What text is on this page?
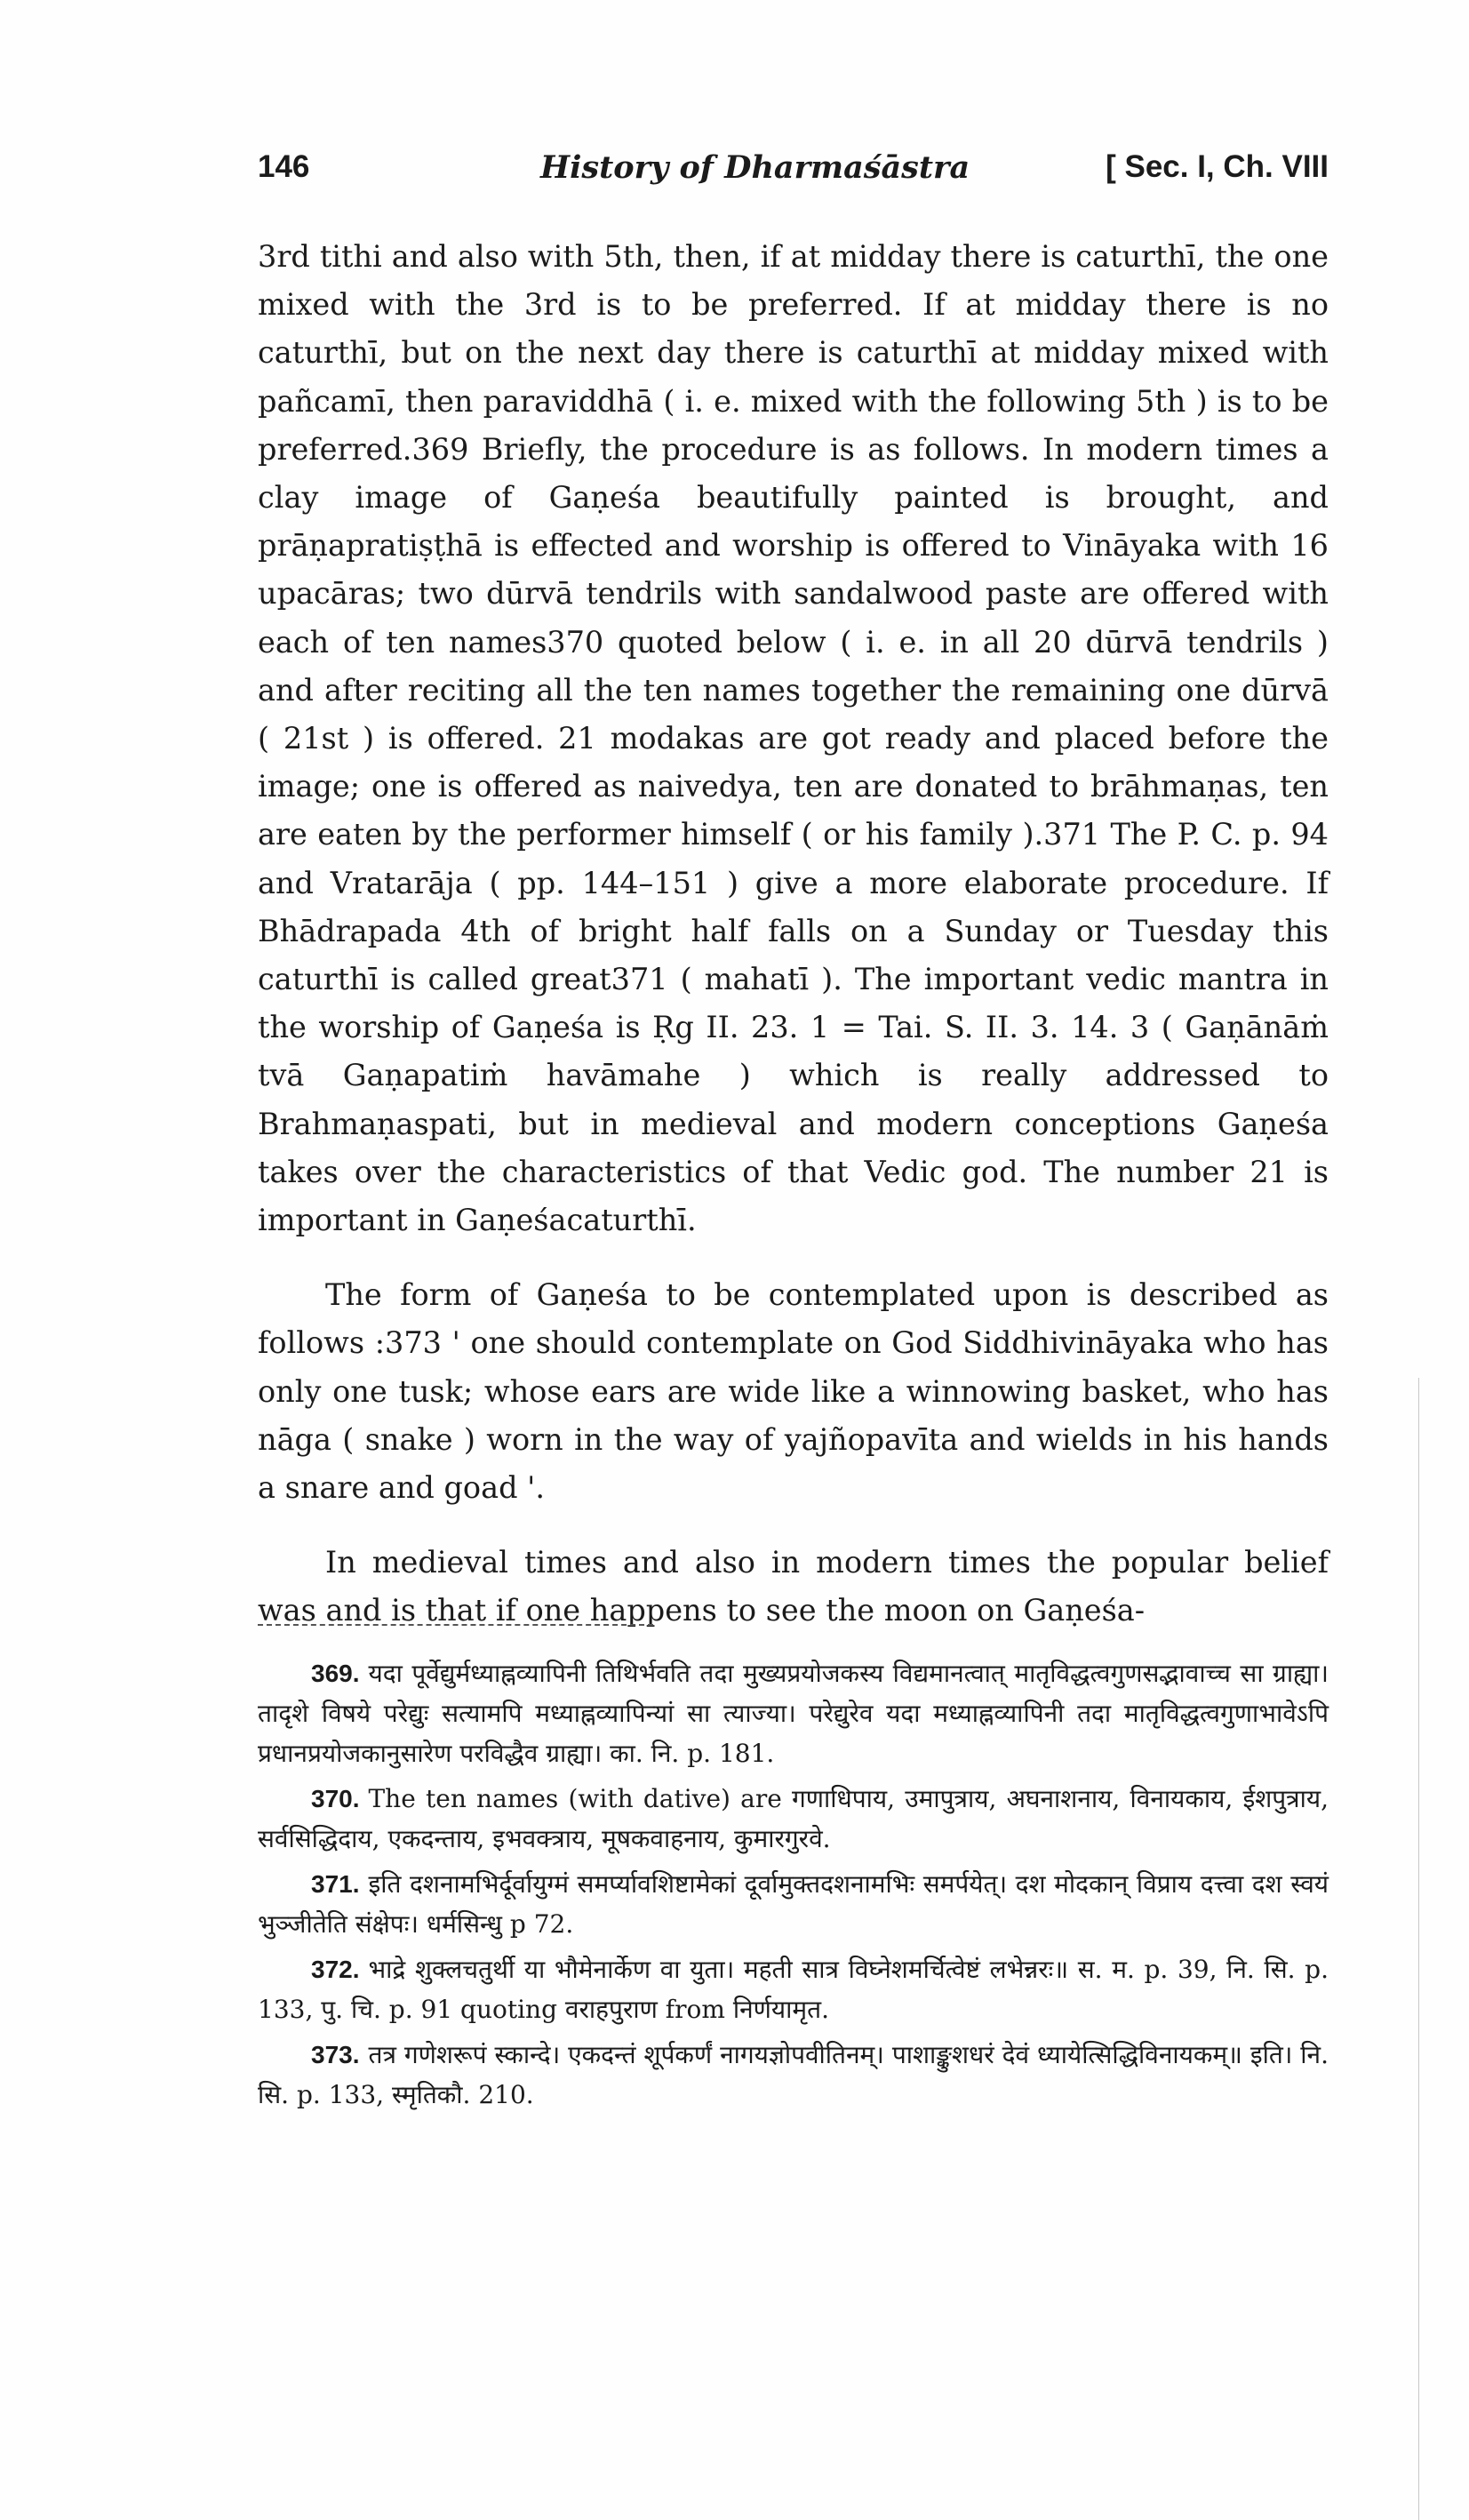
146	History of Dharmaśāstra	[ Sec. I, Ch. VIII

3rd tithi and also with 5th, then, if at midday there is caturthī, the one mixed with the 3rd is to be preferred. If at midday there is no caturthī, but on the next day there is caturthī at midday mixed with pañcamī, then paraviddhā ( i. e. mixed with the following 5th ) is to be preferred.369 Briefly, the procedure is as follows. In modern times a clay image of Gaṇeśa beautifully painted is brought, and prāṇapratiṣṭhā is effected and worship is offered to Vināyaka with 16 upacāras; two dūrvā tendrils with sandalwood paste are offered with each of ten names370 quoted below ( i. e. in all 20 dūrvā tendrils ) and after reciting all the ten names together the remaining one dūrvā ( 21st ) is offered. 21 modakas are got ready and placed before the image; one is offered as naivedya, ten are donated to brāhmaṇas, ten are eaten by the performer himself ( or his family ).371 The P. C. p. 94 and Vratarāja ( pp. 144–151 ) give a more elaborate procedure. If Bhādrapada 4th of bright half falls on a Sunday or Tuesday this caturthī is called great371 ( mahatī ). The important vedic mantra in the worship of Gaṇeśa is Ṛg II. 23. 1 = Tai. S. II. 3. 14. 3 ( Gaṇānāṁ tvā Gaṇapatiṁ havāmahe ) which is really addressed to Brahmaṇaspati, but in medieval and modern conceptions Gaṇeśa takes over the characteristics of that Vedic god. The number 21 is important in Gaṇeśacaturthī.

The form of Gaṇeśa to be contemplated upon is described as follows :373 ' one should contemplate on God Siddhivināyaka who has only one tusk; whose ears are wide like a winnowing basket, who has nāga ( snake ) worn in the way of yajñopavīta and wields in his hands a snare and goad '.

In medieval times and also in modern times the popular belief was and is that if one happens to see the moon on Gaṇeśa-

369. यदा पूर्वेद्युर्मध्याह्नव्यापिनी तिथिर्भवति तदा मुख्यप्रयोजकस्य विद्यमानत्वात् मातृविद्धत्वगुणसद्भावाच्च सा ग्राह्या। तादृशे विषये परेद्युः सत्यामपि मध्याह्नव्यापिन्यां सा त्याज्या। परेद्युरेव यदा मध्याह्नव्यापिनी तदा मातृविद्धत्वगुणाभावेऽपि प्रधानप्रयोजकानुसारेण परविद्धैव ग्राह्या। का. नि. p. 181.

370. The ten names (with dative) are गणाधिपाय, उमापुत्राय, अघनाशनाय, विनायकाय, ईशपुत्राय, सर्वसिद्धिदाय, एकदन्ताय, इभवक्त्राय, मूषकवाहनाय, कुमारगुरवे.

371. इति दशनामभिर्दूर्वायुग्मं समर्प्यावशिष्टामेकां दूर्वामुक्तदशनामभिः समर्पयेत्। दश मोदकान् विप्राय दत्त्वा दश स्वयं भुञ्जीतेति संक्षेपः। धर्मसिन्धु p 72.

372. भाद्रे शुक्लचतुर्थी या भौमेनार्केण वा युता। महती सात्र विघ्नेशमर्चित्वेष्टं लभेन्नरः॥ स. म. p. 39, नि. सि. p. 133, पु. चि. p. 91 quoting वराहपुराण from निर्णयामृत.

373. तत्र गणेशरूपं स्कान्दे। एकदन्तं शूर्पकर्णं नागयज्ञोपवीतिनम्। पाशाङ्कुशधरं देवं ध्यायेत्सिद्धिविनायकम्॥ इति। नि. सि. p. 133, स्मृतिकौ. 210.
